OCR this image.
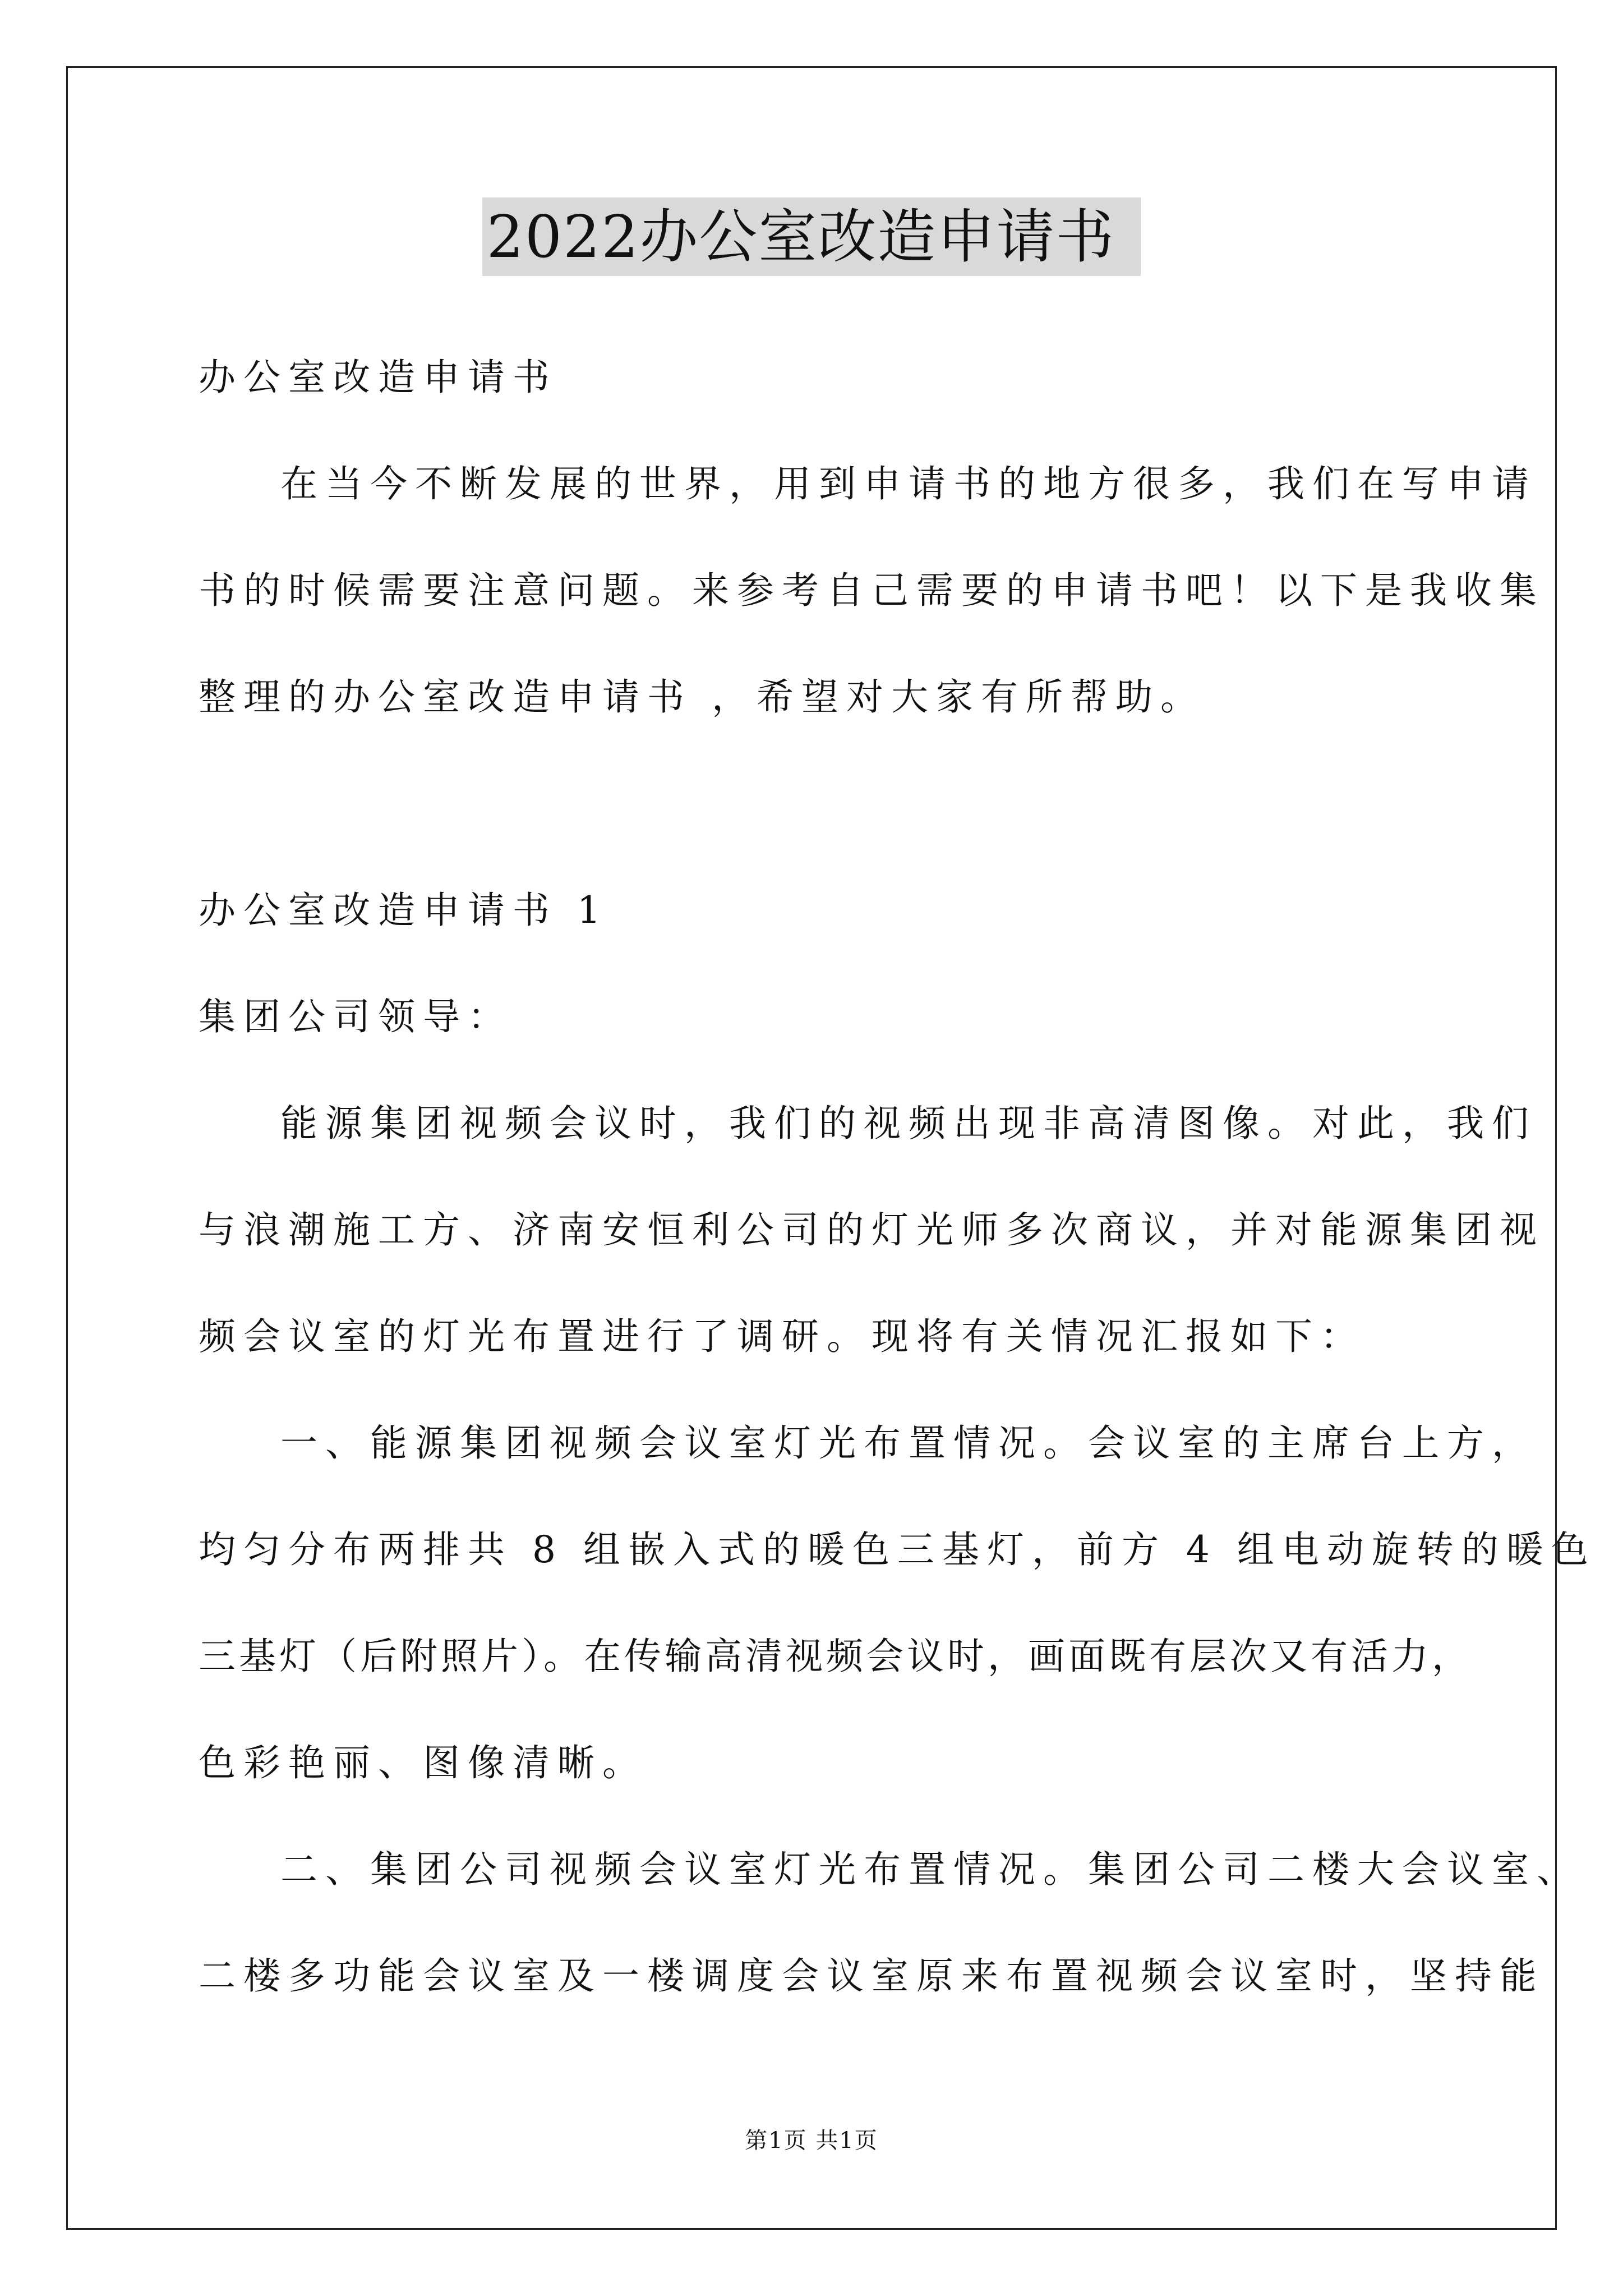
2022办公室改造申请书
办公室改造申请书
在当今不断发展的世界，用到申请书的地方很多，我们在写申请
书的时候需要注意问题。来参考自己需要的申请书吧！以下是我收集
整理的办公室改造申请书 ，希望对大家有所帮助。
办公室改造申请书 1
集团公司领导：
能源集团视频会议时，我们的视频出现非高清图像。对此，我们
与浪潮施工方、济南安恒利公司的灯光师多次商议，并对能源集团视
频会议室的灯光布置进行了调研。现将有关情况汇报如下：
一、能源集团视频会议室灯光布置情况。会议室的主席台上方，
均匀分布两排共 8 组嵌入式的暖色三基灯，前方 4 组电动旋转的暖色
三基灯（后附照片）。在传输高清视频会议时，画面既有层次又有活力，
色彩艳丽、图像清晰。
二、集团公司视频会议室灯光布置情况。集团公司二楼大会议室、
二楼多功能会议室及一楼调度会议室原来布置视频会议室时，坚持能
第1页 共1页
